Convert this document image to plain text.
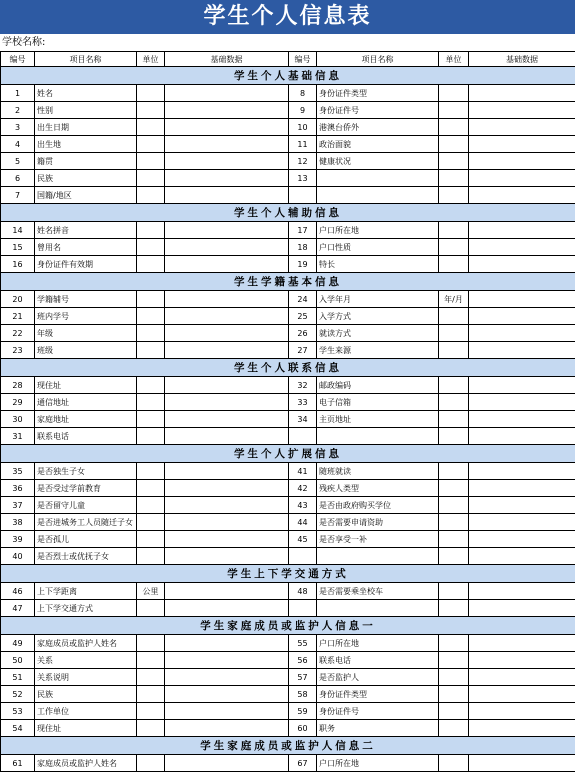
学生个人信息表
学校名称:
编号	项目名称	单位	基础数据	编号	项目名称	单位	基础数据
学生个人基础信息							
1	姓名			8	身份证件类型		
2	性别			9	身份证件号		
3	出生日期			10	港澳台侨外		
4	出生地			11	政治面貌		
5	籍贯			12	健康状况		
6	民族			13			
7	国籍/地区						
学生个人辅助信息							
14	姓名拼音			17	户口所在地		
15	曾用名			18	户口性质		
16	身份证件有效期			19	特长		
学生学籍基本信息							
20	学籍辅号			24	入学年月	年/月	
21	班内学号			25	入学方式		
22	年级			26	就读方式		
23	班级			27	学生来源		
学生个人联系信息							
28	现住址			32	邮政编码		
29	通信地址			33	电子信箱		
30	家庭地址			34	主页地址		
31	联系电话						
学生个人扩展信息							
35	是否独生子女			41	随班就读		
36	是否受过学前教育			42	残疾人类型		
37	是否留守儿童			43	是否由政府购买学位		
38	是否进城务工人员随迁子女			44	是否需要申请资助		
39	是否孤儿			45	是否享受一补		
40	是否烈士或优抚子女						
学生上下学交通方式							
46	上下学距离	公里		48	是否需要乘坐校车		
47	上下学交通方式						
学生家庭成员或监护人信息一							
49	家庭成员或监护人姓名			55	户口所在地		
50	关系			56	联系电话		
51	关系说明			57	是否监护人		
52	民族			58	身份证件类型		
53	工作单位			59	身份证件号		
54	现住址			60	职务		
学生家庭成员或监护人信息二							
61	家庭成员或监护人姓名			67	户口所在地		
